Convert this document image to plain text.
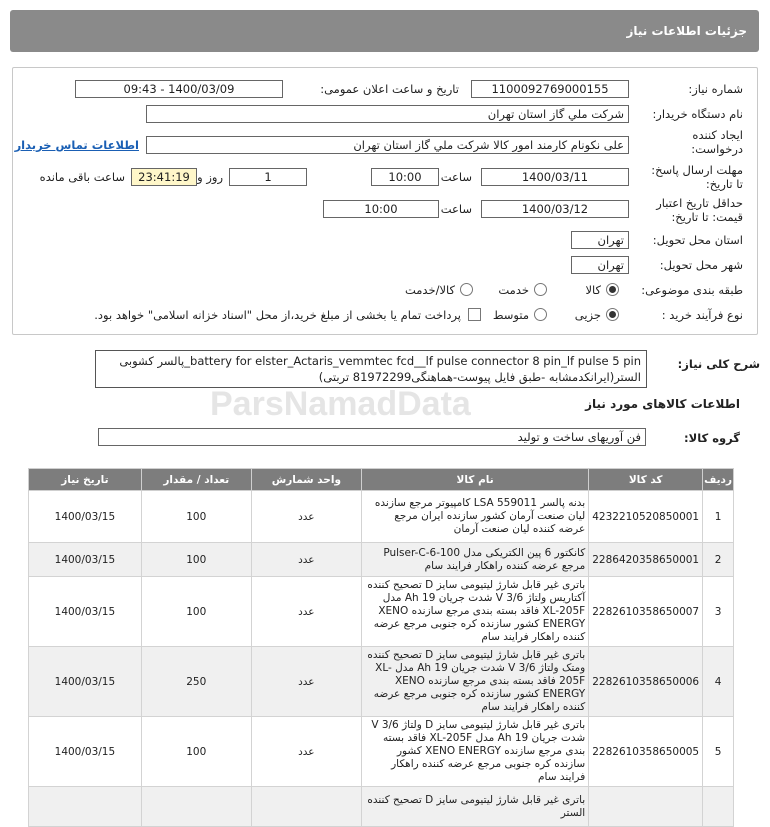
جزئیات اطلاعات نیاز
شماره نیاز:
1100092769000155
تاریخ و ساعت اعلان عمومی:
1400/03/09 - 09:43
نام دستگاه خریدار:
شرکت ملي گاز استان تهران
ایجاد کننده
درخواست:
علی نکونام کارمند امور کالا شرکت ملي گاز استان تهران
اطلاعات تماس خریدار
مهلت ارسال پاسخ:
تا تاریخ:
1400/03/11
ساعت
10:00
1
روز و
23:41:19
ساعت باقی مانده
حداقل تاریخ اعتبار
قیمت: تا تاریخ:
1400/03/12
ساعت
10:00
استان محل تحویل:
تهران
شهر محل تحویل:
تهران
طبقه بندی موضوعی:
کالا
خدمت
کالا/خدمت
نوع فرآیند خرید :
جزیی
متوسط
پرداخت تمام یا بخشی از مبلغ خرید،از محل "اسناد خزانه اسلامی" خواهد بود.
شرح کلی نیاز:
battery for elster_Actaris_vemmtec fcd__lf pulse connector 8 pin_lf pulse 5 pin_پالسر کشوبی الستر(ایرانکدمشابه -طبق فایل پیوست-هماهنگی81972299 تربتی)
ParsNamadData	اطلاعات کالاهای مورد نیاز
گروه کالا:
فن آوریهای ساخت و تولید
ردیف	کد کالا	نام کالا	واحد شمارش	تعداد / مقدار	تاریخ نیاز
1	4232210520850001	بدنه پالسر LSA 559011 کامپیوتر مرجع سازنده لیان صنعت آرمان کشور سازنده ایران مرجع عرضه کننده لیان صنعت آرمان	عدد	100	1400/03/15
2	2286420358650001	کانکتور 6 پین الکتریکی مدل Pulser-C-6-100 مرجع عرضه کننده راهکار فرایند سام	عدد	100	1400/03/15
3	2282610358650007	باتری غیر قابل شارژ لیتیومی سایز D تصحیح کننده آکتاریس ولتاژ 3/6 V شدت جریان 19 Ah مدل XL-205F فاقد بسته بندی مرجع سازنده XENO ENERGY کشور سازنده کره جنوبی مرجع عرضه کننده راهکار فرایند سام	عدد	100	1400/03/15
4	2282610358650006	باتری غیر قابل شارژ لیتیومی سایز D تصحیح کننده ومتک ولتاژ 3/6 V شدت جریان 19 Ah مدل XL-205F فاقد بسته بندی مرجع سازنده XENO ENERGY کشور سازنده کره جنوبی مرجع عرضه کننده راهکار فرایند سام	عدد	250	1400/03/15
5	2282610358650005	باتری غیر قابل شارژ لیتیومی سایز D ولتاژ 3/6 V شدت جریان 19 Ah مدل XL-205F فاقد بسته بندی مرجع سازنده XENO ENERGY کشور سازنده کره جنوبی مرجع عرضه کننده راهکار فرایند سام	عدد	100	1400/03/15
		باتری غیر قابل شارژ لیتیومی سایز D تصحیح کننده الستر			
